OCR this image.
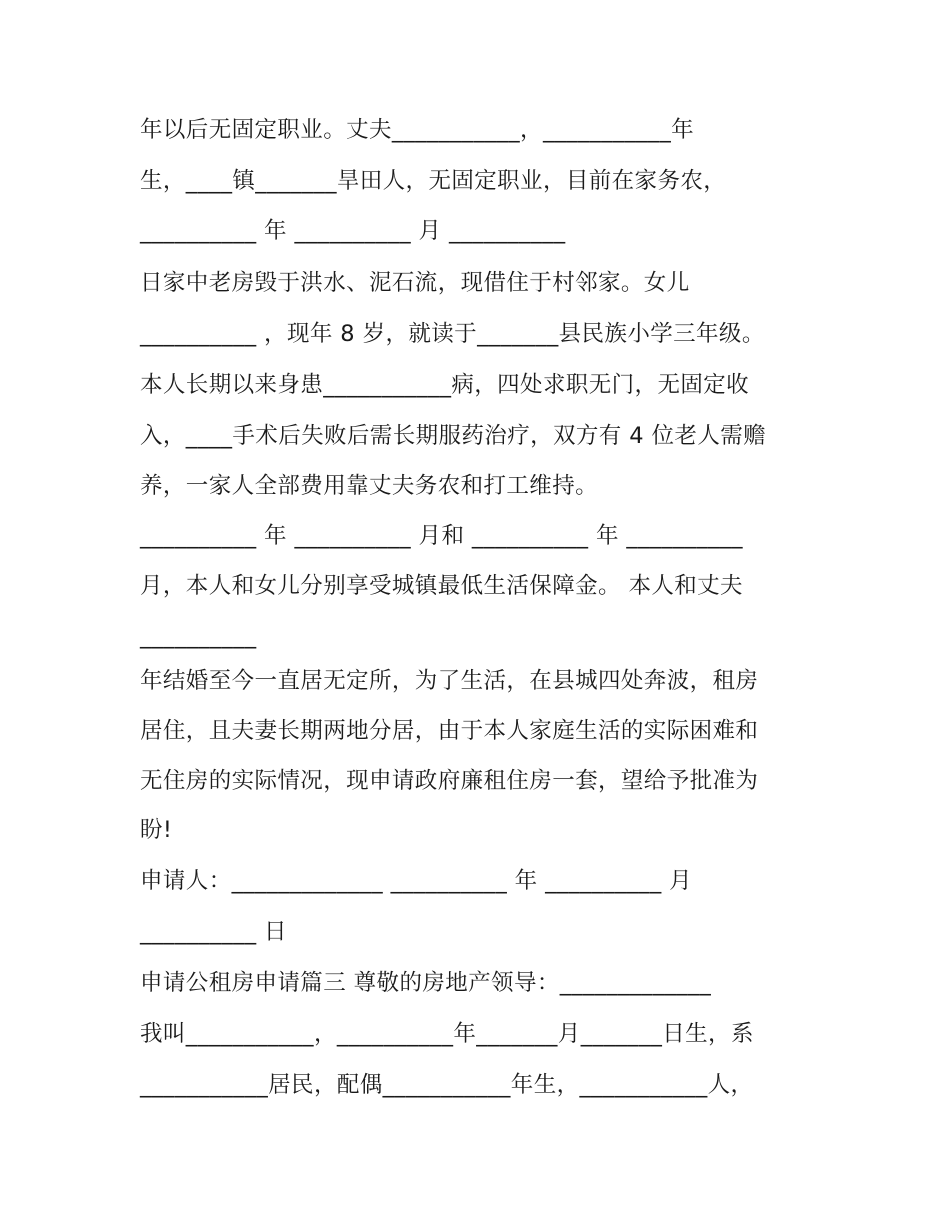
年以后无固定职业。丈夫___________，___________年

生，____镇_______旱田人，无固定职业，目前在家务农，

__________ 年 __________ 月 __________

日家中老房毁于洪水、泥石流，现借住于村邻家。女儿

__________ ，现年 8 岁，就读于_______县民族小学三年级。

本人长期以来身患___________病，四处求职无门，无固定收

入，____手术后失败后需长期服药治疗，双方有 4 位老人需赡

养，一家人全部费用靠丈夫务农和打工维持。

__________ 年 __________ 月和 __________ 年 __________

月，本人和女儿分别享受城镇最低生活保障金。 本人和丈夫

__________

年结婚至今一直居无定所，为了生活，在县城四处奔波，租房

居住，且夫妻长期两地分居，由于本人家庭生活的实际困难和

无住房的实际情况，现申请政府廉租住房一套，望给予批准为

盼!

申请人：_____________ __________ 年 __________ 月

__________ 日

申请公租房申请篇三 尊敬的房地产领导：_____________

我叫___________，__________年_______月_______日生，系

___________居民，配偶___________年生，___________人，
